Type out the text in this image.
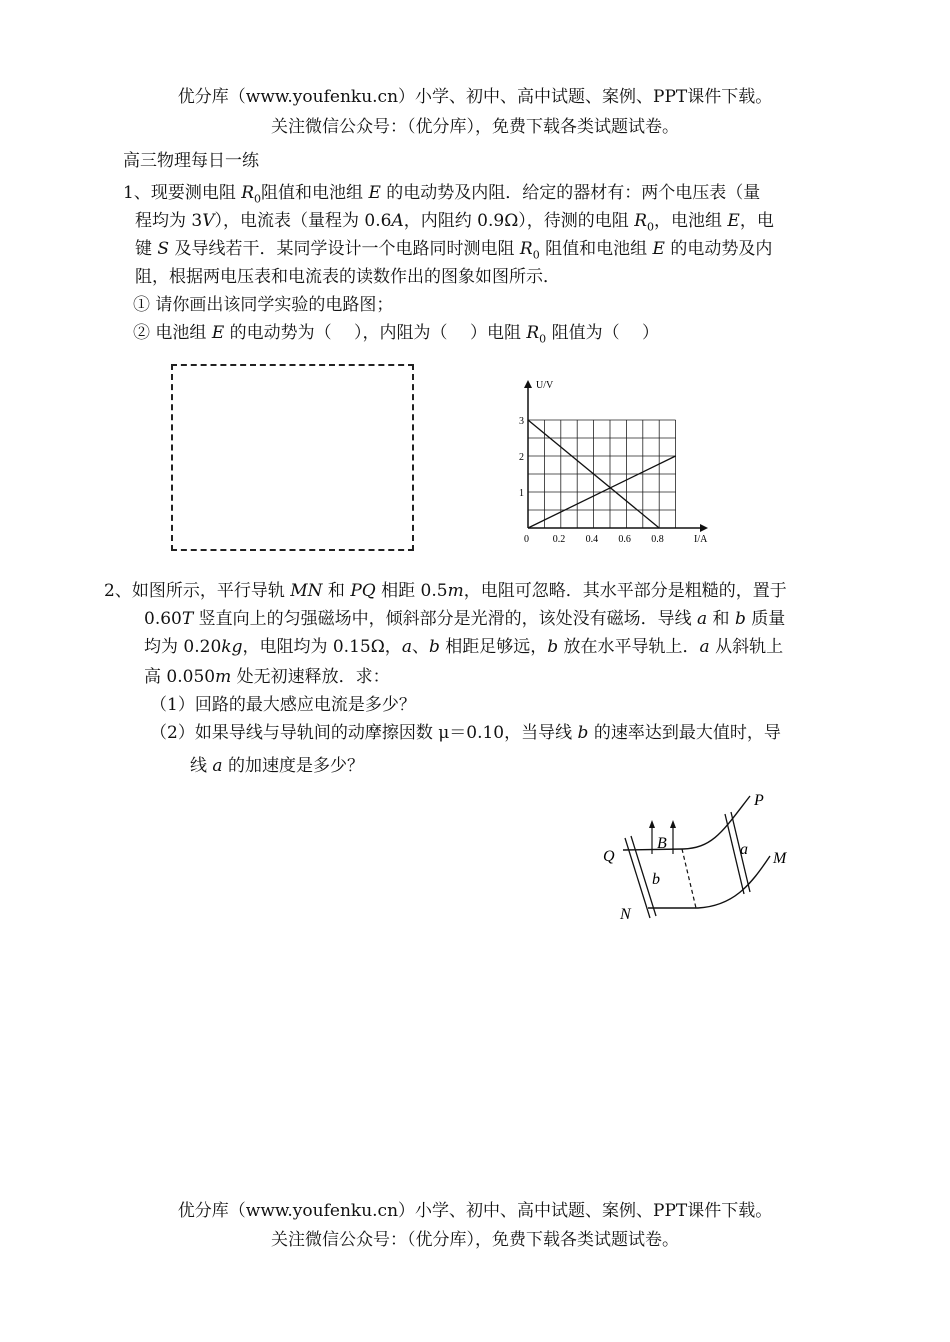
优分库（www.youfenku.cn）小学、初中、高中试题、案例、PPT课件下载。
关注微信公众号：（优分库），免费下载各类试题试卷。
高三物理每日一练
1、现要测电阻 $R_0$阻值和电池组 E 的电动势及内阻．给定的器材有：两个电压表（量
程均为 3V），电流表（量程为 0.6A，内阻约 0.9Ω），待测的电阻 $R_0$，电池组 E，电
键 S 及导线若干．某同学设计一个电路同时测电阻 $R_0$ 阻值和电池组 E 的电动势及内
阻，根据两电压表和电流表的读数作出的图象如图所示．
① 请你画出该同学实验的电路图；
② 电池组 E 的电动势为（　 ），内阻为（　 ）电阻 $R_0$ 阻值为（　 ）
0 0.2 0.4 0.6 0.8
1
2
3
U/V
I/A
2、如图所示，平行导轨 MN 和 PQ 相距 0.5m，电阻可忽略．其水平部分是粗糙的，置于
0.60T 竖直向上的匀强磁场中，倾斜部分是光滑的，该处没有磁场．导线 a 和 b 质量
均为 0.20kg，电阻均为 0.15Ω，a、b 相距足够远，b 放在水平导轨上．a 从斜轨上
高 0.050m 处无初速释放．求：
（1）回路的最大感应电流是多少？
（2）如果导线与导轨间的动摩擦因数 μ＝0.10，当导线 b 的速率达到最大值时，导
线 a 的加速度是多少？
P
M
Q
N
a
b
B
优分库（www.youfenku.cn）小学、初中、高中试题、案例、PPT课件下载。
关注微信公众号：（优分库），免费下载各类试题试卷。
